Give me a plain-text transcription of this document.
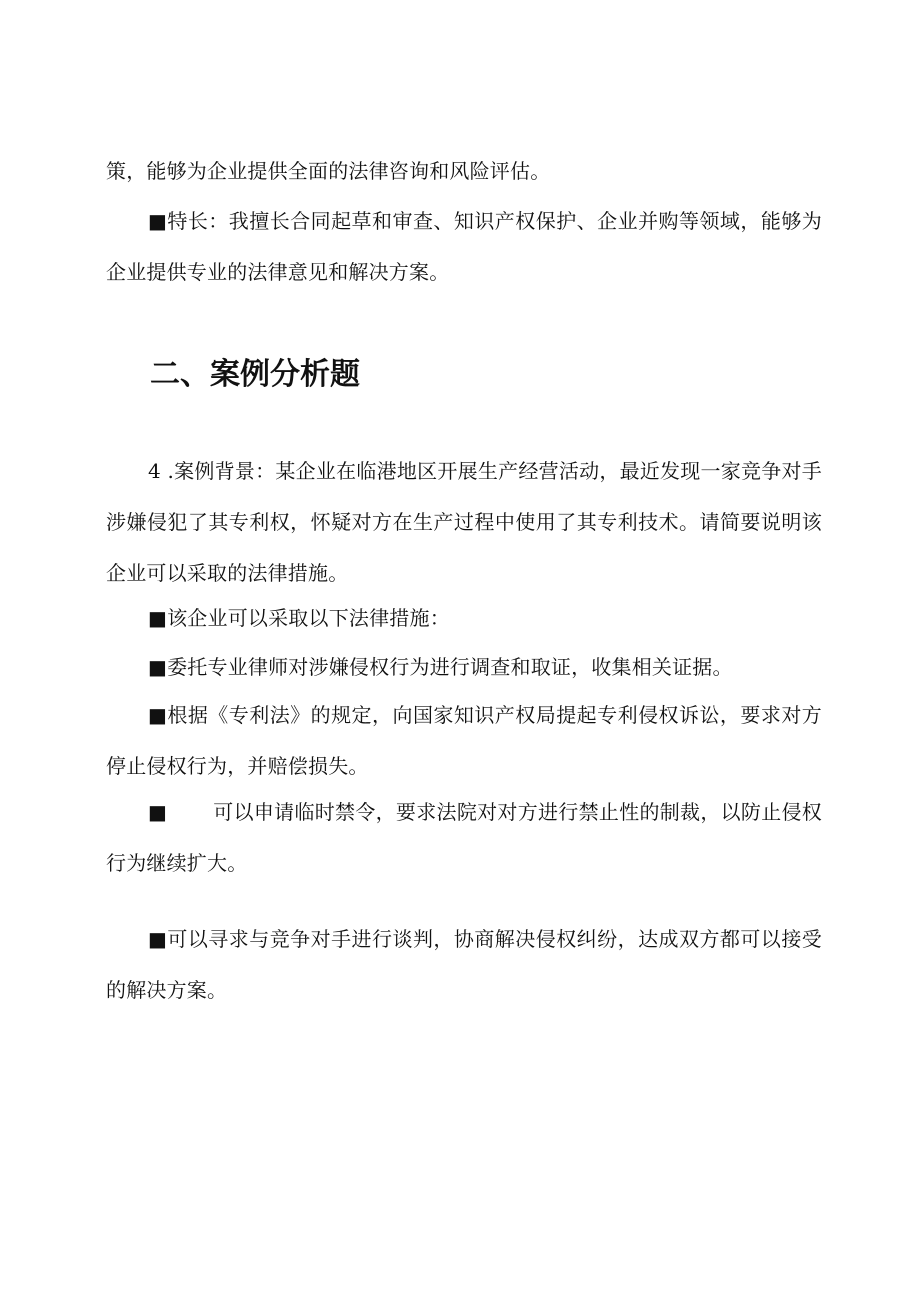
策，能够为企业提供全面的法律咨询和风险评估。

■特长：我擅长合同起草和审查、知识产权保护、企业并购等领域，能够为企业提供专业的法律意见和解决方案。

二、案例分析题

4 .案例背景：某企业在临港地区开展生产经营活动，最近发现一家竞争对手涉嫌侵犯了其专利权，怀疑对方在生产过程中使用了其专利技术。请简要说明该企业可以采取的法律措施。

■该企业可以采取以下法律措施：

■委托专业律师对涉嫌侵权行为进行调查和取证，收集相关证据。

■根据《专利法》的规定，向国家知识产权局提起专利侵权诉讼，要求对方停止侵权行为，并赔偿损失。

■ 可以申请临时禁令，要求法院对对方进行禁止性的制裁，以防止侵权行为继续扩大。

■可以寻求与竞争对手进行谈判，协商解决侵权纠纷，达成双方都可以接受的解决方案。
